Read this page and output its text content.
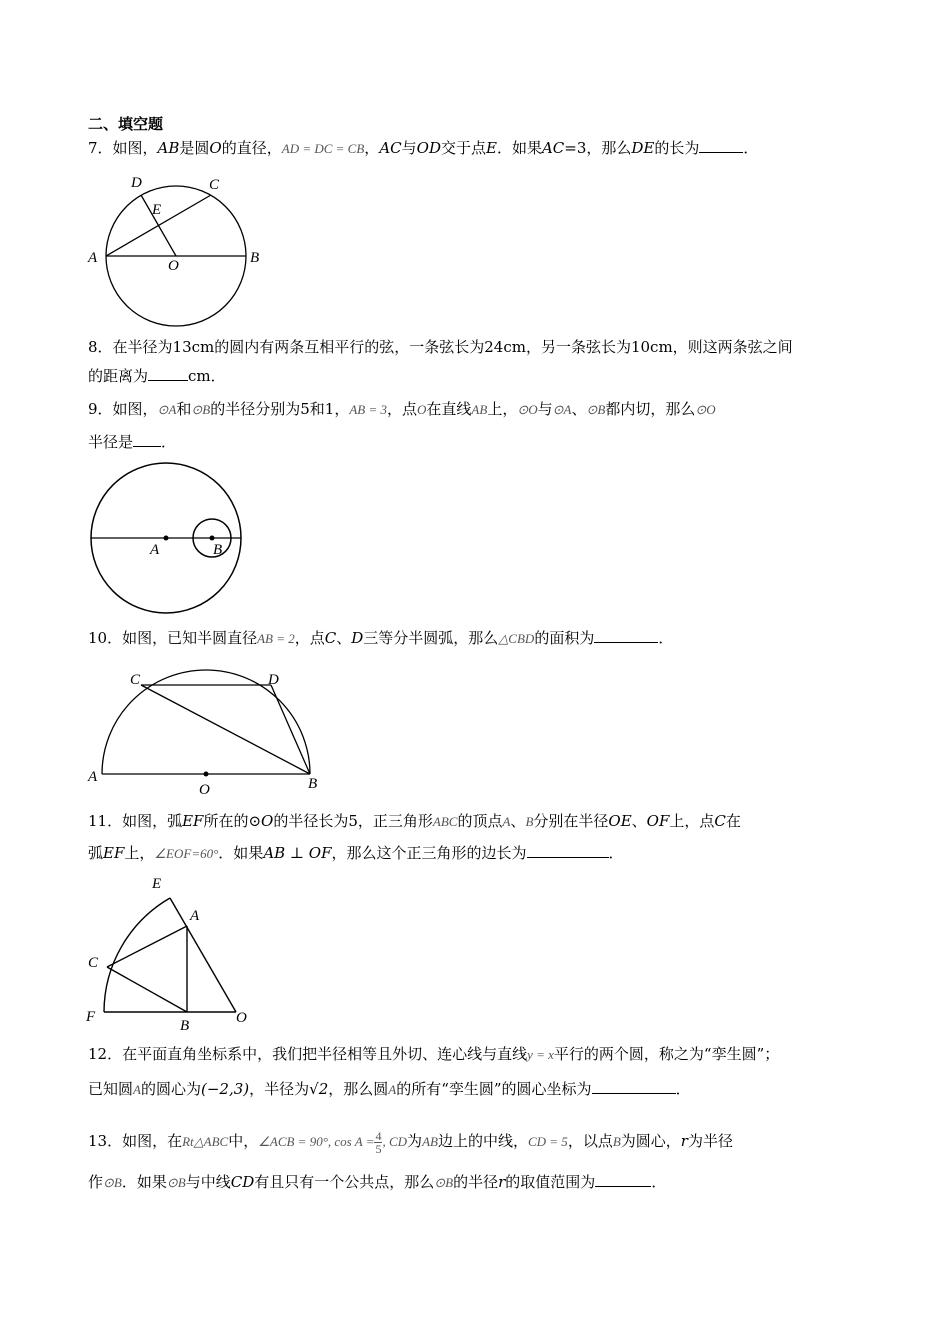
二、填空题
7．如图，AB是圆O的直径，AD = DC = CB，AC与OD交于点E．如果AC=3，那么DE的长为	．
A	B
D	C
E
O
8．在半径为13cm的圆内有两条互相平行的弦，一条弦长为24cm，另一条弦长为10cm，则这两条弦之间
的距离为	cm．
9．如图，⊙A和⊙B的半径分别为5和1，AB = 3，点O在直线AB上，⊙O与⊙A、⊙B都内切，那么⊙O
半径是 ．
A	B
10．如图，已知半圆直径AB = 2，点C、D三等分半圆弧，那么△CBD的面积为	．
A	B
C	D
O
11．如图，弧EF所在的⊙O的半径长为5，正三角形ABC的顶点A、B分别在半径OE、OF上，点C在
弧EF上，∠EOF=60°．如果AB ⊥ OF，那么这个正三角形的边长为	．
E
A
C
F
B	O
12．在平面直角坐标系中，我们把半径相等且外切、连心线与直线y = x平行的两个圆，称之为“孪生圆”；
已知圆A的圆心为(−2,3)，半径为√2，那么圆A的所有“孪生圆”的圆心坐标为	．
13．如图，在Rt△ABC中，∠ACB = 90°, $\cos A = \frac{4}{5}$ , CD为AB边上的中线，CD = 5，以点B为圆心，r为半径
作⊙B．如果⊙B与中线CD有且只有一个公共点，那么⊙B的半径r的取值范围为	．
